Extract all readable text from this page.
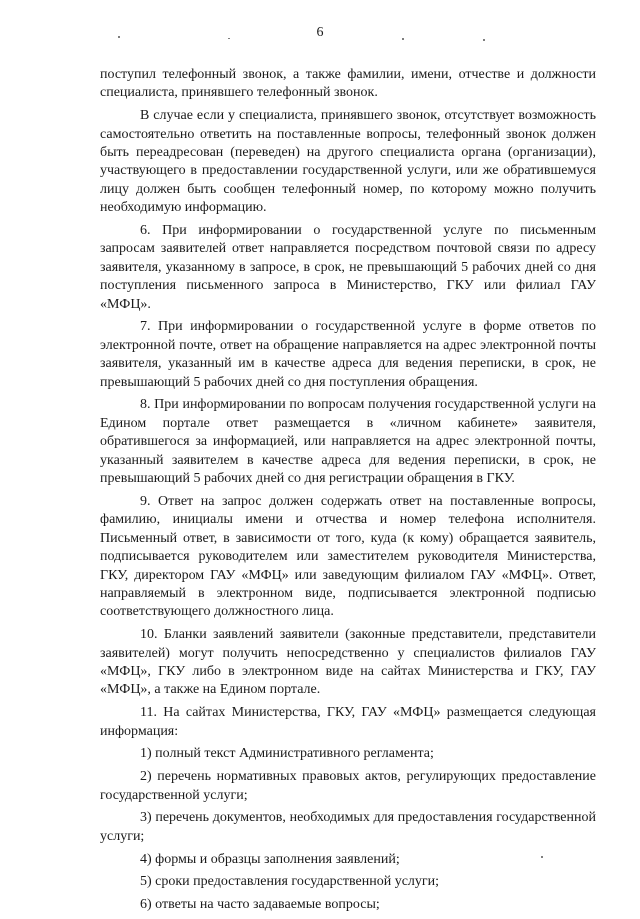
6

поступил телефонный звонок, а также фамилии, имени, отчестве и должности специалиста, принявшего телефонный звонок.

В случае если у специалиста, принявшего звонок, отсутствует возможность самостоятельно ответить на поставленные вопросы, телефонный звонок должен быть переадресован (переведен) на другого специалиста органа (организации), участвующего в предоставлении государственной услуги, или же обратившемуся лицу должен быть сообщен телефонный номер, по которому можно получить необходимую информацию.

6. При информировании о государственной услуге по письменным запросам заявителей ответ направляется посредством почтовой связи по адресу заявителя, указанному в запросе, в срок, не превышающий 5 рабочих дней со дня поступления письменного запроса в Министерство, ГКУ или филиал ГАУ «МФЦ».

7. При информировании о государственной услуге в форме ответов по электронной почте, ответ на обращение направляется на адрес электронной почты заявителя, указанный им в качестве адреса для ведения переписки, в срок, не превышающий 5 рабочих дней со дня поступления обращения.

8. При информировании по вопросам получения государственной услуги на Едином портале ответ размещается в «личном кабинете» заявителя, обратившегося за информацией, или направляется на адрес электронной почты, указанный заявителем в качестве адреса для ведения переписки, в срок, не превышающий 5 рабочих дней со дня регистрации обращения в ГКУ.

9. Ответ на запрос должен содержать ответ на поставленные вопросы, фамилию, инициалы имени и отчества и номер телефона исполнителя. Письменный ответ, в зависимости от того, куда (к кому) обращается заявитель, подписывается руководителем или заместителем руководителя Министерства, ГКУ, директором ГАУ «МФЦ» или заведующим филиалом ГАУ «МФЦ». Ответ, направляемый в электронном виде, подписывается электронной подписью соответствующего должностного лица.

10. Бланки заявлений заявители (законные представители, представители заявителей) могут получить непосредственно у специалистов филиалов ГАУ «МФЦ», ГКУ либо в электронном виде на сайтах Министерства и ГКУ, ГАУ «МФЦ», а также на Едином портале.

11. На сайтах Министерства, ГКУ, ГАУ «МФЦ» размещается следующая информация:

1) полный текст Административного регламента;

2) перечень нормативных правовых актов, регулирующих предоставление государственной услуги;

3) перечень документов, необходимых для предоставления государственной услуги;

4) формы и образцы заполнения заявлений;

5) сроки предоставления государственной услуги;

6) ответы на часто задаваемые вопросы;
